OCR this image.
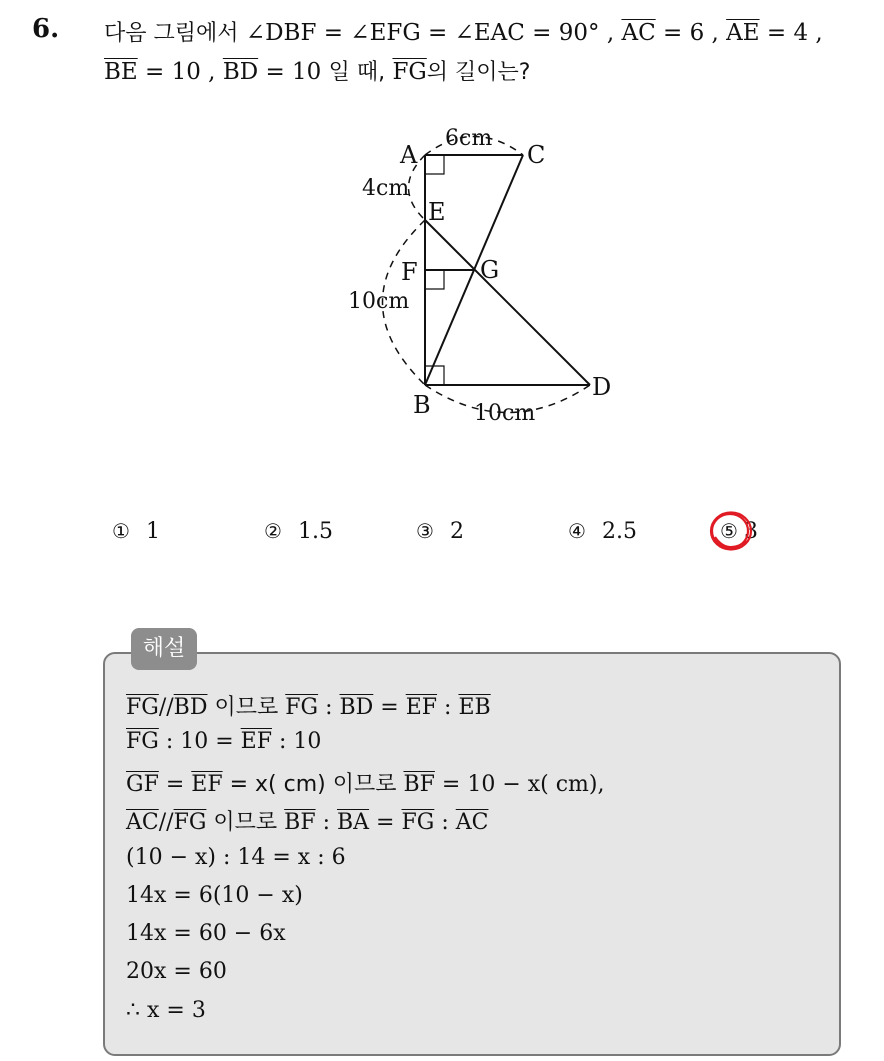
6. 다음 그림에서 ∠DBF = ∠EFG = ∠EAC = 90° , $\overline{AC} = 6$ , $\overline{AE} = 4$ ,
$\overline{BE} = 10$ , $\overline{BD} = 10$ 일 때, $\overline{FG}$의 길이는?
A	C
E
F	G
B
D
6cm
4cm
10cm
10cm
① 1	② 1.5	③ 2	④ 2.5	⑤ 3
해설
$\overline{FG}//\overline{BD}$ 이므로 $\overline{FG}$ : $\overline{BD} = \overline{EF}$ : $\overline{EB}$
$\overline{FG}$ : $10 = \overline{EF}$ : 10
$\overline{GF} = \overline{EF} = x$( cm) 이므로 $\overline{BF} = 10 - x$( cm),
$\overline{AC}//\overline{FG}$ 이므로 $\overline{BF}$ : $\overline{BA} = \overline{FG}$ : $\overline{AC}$
(10 − x) : 14 = x : 6
14x = 6(10 − x)
14x = 60 − 6x
20x = 60
∴ x = 3
